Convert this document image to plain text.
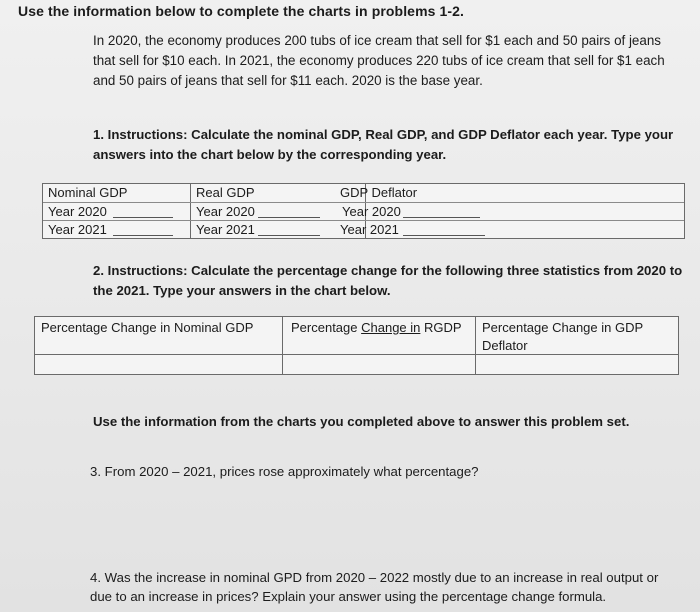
Use the information below to complete the charts in problems 1-2.
In 2020, the economy produces 200 tubs of ice cream that sell for $1 each and 50 pairs of jeans that sell for $10 each. In 2021, the economy produces 220 tubs of ice cream that sell for $1 each and 50 pairs of jeans that sell for $11 each. 2020 is the base year.
1. Instructions: Calculate the nominal GDP, Real GDP, and GDP Deflator each year. Type your answers into the chart below by the corresponding year.
Nominal GDP	Real GDP	GDP Deflator
Year 2020	Year 2020	Year 2020
Year 2021	Year 2021	Year 2021
2. Instructions: Calculate the percentage change for the following three statistics from 2020 to the 2021. Type your answers in the chart below.
Percentage Change in Nominal GDP	Percentage Change in RGDP	Percentage Change in GDP Deflator
Use the information from the charts you completed above to answer this problem set.
3. From 2020 – 2021, prices rose approximately what percentage?
4. Was the increase in nominal GPD from 2020 – 2022 mostly due to an increase in real output or due to an increase in prices? Explain your answer using the percentage change formula.
